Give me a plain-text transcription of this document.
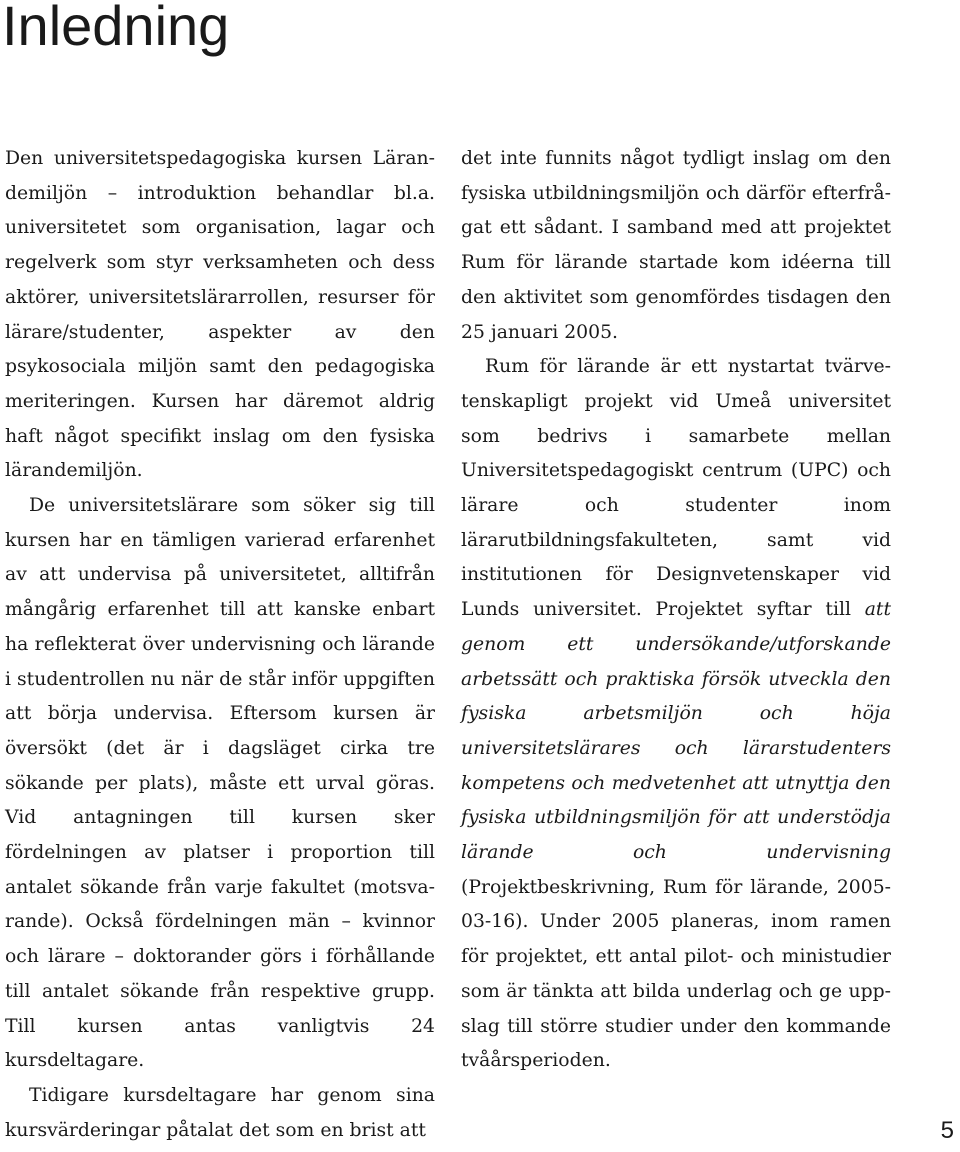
Inledning

Den universitetspedagogiska kursen Lärandemiljön – introduktion behandlar bl.a. universitetet som organisation, lagar och regelverk som styr verksamheten och dess aktörer, universitetslärarrollen, resurser för lärare/studenter, aspekter av den psykosociala miljön samt den pedagogiska meriteringen. Kursen har däremot aldrig haft något specifikt inslag om den fysiska lärandemiljön.

De universitetslärare som söker sig till kursen har en tämligen varierad erfarenhet av att undervisa på universitetet, alltifrån mångårig erfarenhet till att kanske enbart ha reflekterat över undervisning och lärande i studentrollen nu när de står inför uppgiften att börja undervisa. Eftersom kursen är översökt (det är i dagsläget cirka tre sökande per plats), måste ett urval göras. Vid antagningen till kursen sker fördelningen av platser i proportion till antalet sökande från varje fakultet (motsvarande). Också fördelningen män – kvinnor och lärare – doktorander görs i förhållande till antalet sökande från respektive grupp. Till kursen antas vanligtvis 24 kursdeltagare.

Tidigare kursdeltagare har genom sina kursvärderingar påtalat det som en brist att

det inte funnits något tydligt inslag om den fysiska utbildningsmiljön och därför efterfrågat ett sådant. I samband med att projektet Rum för lärande startade kom idéerna till den aktivitet som genomfördes tisdagen den 25 januari 2005.

Rum för lärande är ett nystartat tvärvetenskapligt projekt vid Umeå universitet som bedrivs i samarbete mellan Universitetspedagogiskt centrum (UPC) och lärare och studenter inom lärarutbildningsfakulteten, samt vid institutionen för Designvetenskaper vid Lunds universitet. Projektet syftar till att genom ett undersökande/utforskande arbetssätt och praktiska försök utveckla den fysiska arbetsmiljön och höja universitetslärares och lärarstudenters kompetens och medvetenhet att utnyttja den fysiska utbildningsmiljön för att understödja lärande och undervisning (Projektbeskrivning, Rum för lärande, 2005-03-16). Under 2005 planeras, inom ramen för projektet, ett antal pilot- och ministudier som är tänkta att bilda underlag och ge uppslag till större studier under den kommande tvåårsperioden.

5
